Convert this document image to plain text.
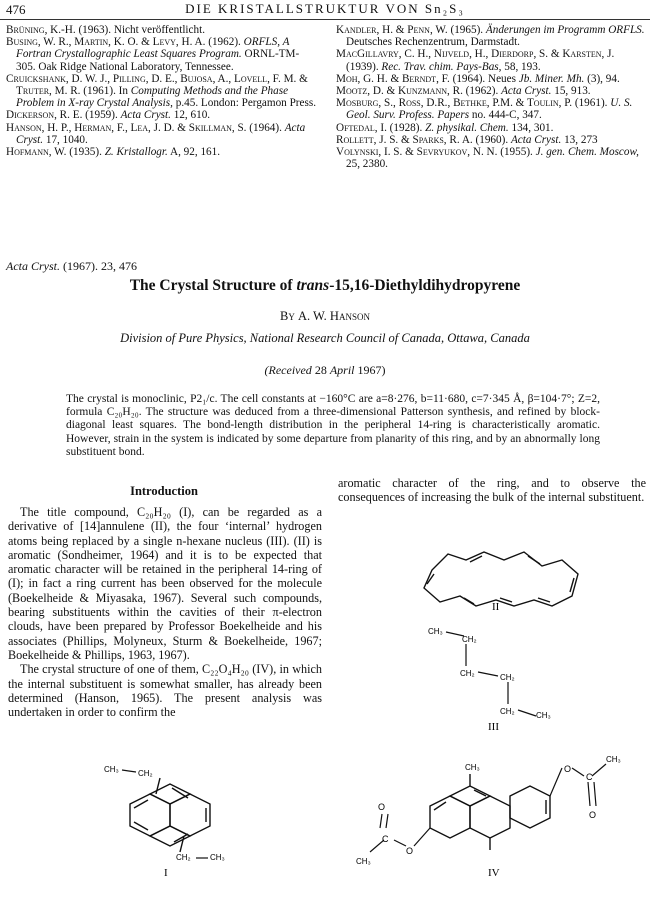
476	DIE KRISTALLSTRUKTUR VON Sn₂S₃

Brüning, K.-H. (1963). Nicht veröffentlicht.

Busing, W. R., Martin, K. O. & Levy, H. A. (1962). ORFLS, A Fortran Crystallographic Least Squares Program. ORNL-TM-305. Oak Ridge National Laboratory, Tennessee.

Cruickshank, D. W. J., Pilling, D. E., Bujosa, A., Lovell, F. M. & Truter, M. R. (1961). In Computing Methods and the Phase Problem in X-ray Crystal Analysis, p.45. London: Pergamon Press.

Dickerson, R. E. (1959). Acta Cryst. 12, 610.

Hanson, H. P., Herman, F., Lea, J. D. & Skillman, S. (1964). Acta Cryst. 17, 1040.

Hofmann, W. (1935). Z. Kristallogr. A, 92, 161.

Kandler, H. & Penn, W. (1965). Änderungen im Programm ORFLS. Deutsches Rechenzentrum, Darmstadt.

MacGillavry, C. H., Nijveld, H., Dierdorp, S. & Karsten, J. (1939). Rec. Trav. chim. Pays-Bas, 58, 193.

Moh, G. H. & Berndt, F. (1964). Neues Jb. Miner. Mh. (3), 94.

Mootz, D. & Kunzmann, R. (1962). Acta Cryst. 15, 913.

Mosburg, S., Ross, D.R., Bethke, P.M. & Toulin, P. (1961). U. S. Geol. Surv. Profess. Papers no. 444-C, 347.

Oftedal, I. (1928). Z. physikal. Chem. 134, 301.

Rollett, J. S. & Sparks, R. A. (1960). Acta Cryst. 13, 273

Volynski, I. S. & Sevryukov, N. N. (1955). J. gen. Chem. Moscow, 25, 2380.

Acta Cryst. (1967). 23, 476
The Crystal Structure of trans-15,16-Diethyldihydropyrene
By A. W. Hanson
Division of Pure Physics, National Research Council of Canada, Ottawa, Canada
(Received 28 April 1967)
The crystal is monoclinic, P2₁/c. The cell constants at −160°C are a=8·276, b=11·680, c=7·345 Å, β=104·7°; Z=2, formula C₂₀H₂₀. The structure was deduced from a three-dimensional Patterson synthesis, and refined by block-diagonal least squares. The bond-length distribution in the peripheral 14-ring is characteristically aromatic. However, strain in the system is indicated by some departure from planarity of this ring, and by an abnormally long substituent bond.
Introduction

The title compound, C₂₀H₂₀ (I), can be regarded as a derivative of [14]annulene (II), the four ‘internal’ hydrogen atoms being replaced by a single n-hexane nucleus (III). (II) is aromatic (Sondheimer, 1964) and it is to be expected that aromatic character will be retained in the peripheral 14-ring of (I); in fact a ring current has been observed for the molecule (Boekelheide & Miyasaka, 1967). Several such compounds, bearing substituents within the cavities of their π-electron clouds, have been prepared by Professor Boekelheide and his associates (Phillips, Molyneux, Sturm & Boekelheide, 1967; Boekelheide & Phillips, 1963, 1967).

The crystal structure of one of them, C₂₂O₄H₂₀ (IV), in which the internal substituent is somewhat smaller, has already been determined (Hanson, 1965). The present analysis was undertaken in order to confirm the

aromatic character of the ring, and to observe the consequences of increasing the bulk of the internal substituent.

II
CH₃
CH₂
CH₂	CH₂
CH₂	CH₃
III
CH₃ CH₂
CH₂ CH₃
I
CH₃	O
C
CH₃
O
O
C
O
CH₃
IV
